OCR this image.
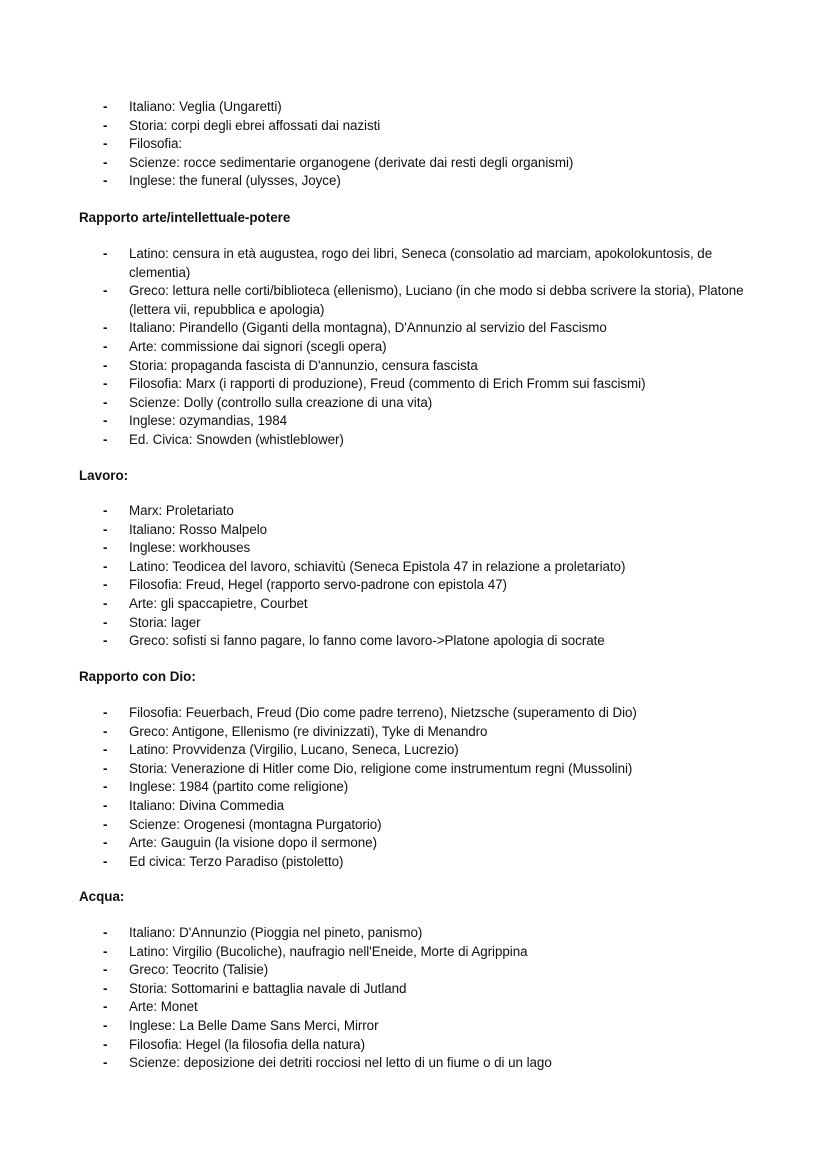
- Italiano: Veglia (Ungaretti)
- Storia: corpi degli ebrei affossati dai nazisti
- Filosofia:
- Scienze: rocce sedimentarie organogene (derivate dai resti degli organismi)
- Inglese: the funeral (ulysses, Joyce)
Rapporto arte/intellettuale-potere
- Latino: censura in età augustea, rogo dei libri, Seneca (consolatio ad marciam, apokolokuntosis, de clementia)
- Greco: lettura nelle corti/biblioteca (ellenismo), Luciano (in che modo si debba scrivere la storia), Platone (lettera vii, repubblica e apologia)
- Italiano: Pirandello (Giganti della montagna), D'Annunzio al servizio del Fascismo
- Arte: commissione dai signori (scegli opera)
- Storia: propaganda fascista di D'annunzio, censura fascista
- Filosofia: Marx (i rapporti di produzione), Freud (commento di Erich Fromm sui fascismi)
- Scienze: Dolly (controllo sulla creazione di una vita)
- Inglese: ozymandias, 1984
- Ed. Civica: Snowden (whistleblower)
Lavoro:
- Marx: Proletariato
- Italiano: Rosso Malpelo
- Inglese: workhouses
- Latino: Teodicea del lavoro, schiavitù (Seneca Epistola 47 in relazione a proletariato)
- Filosofia: Freud, Hegel (rapporto servo-padrone con epistola 47)
- Arte: gli spaccapietre, Courbet
- Storia: lager
- Greco: sofisti si fanno pagare, lo fanno come lavoro->Platone apologia di socrate
Rapporto con Dio:
- Filosofia: Feuerbach, Freud (Dio come padre terreno), Nietzsche (superamento di Dio)
- Greco: Antigone, Ellenismo (re divinizzati), Tyke di Menandro
- Latino: Provvidenza (Virgilio, Lucano, Seneca, Lucrezio)
- Storia: Venerazione di Hitler come Dio, religione come instrumentum regni (Mussolini)
- Inglese: 1984 (partito come religione)
- Italiano: Divina Commedia
- Scienze: Orogenesi (montagna Purgatorio)
- Arte: Gauguin (la visione dopo il sermone)
- Ed civica: Terzo Paradiso (pistoletto)
Acqua:
- Italiano: D'Annunzio (Pioggia nel pineto, panismo)
- Latino: Virgilio (Bucoliche), naufragio nell'Eneide, Morte di Agrippina
- Greco: Teocrito (Talisie)
- Storia: Sottomarini e battaglia navale di Jutland
- Arte: Monet
- Inglese: La Belle Dame Sans Merci, Mirror
- Filosofia: Hegel (la filosofia della natura)
- Scienze: deposizione dei detriti rocciosi nel letto di un fiume o di un lago
